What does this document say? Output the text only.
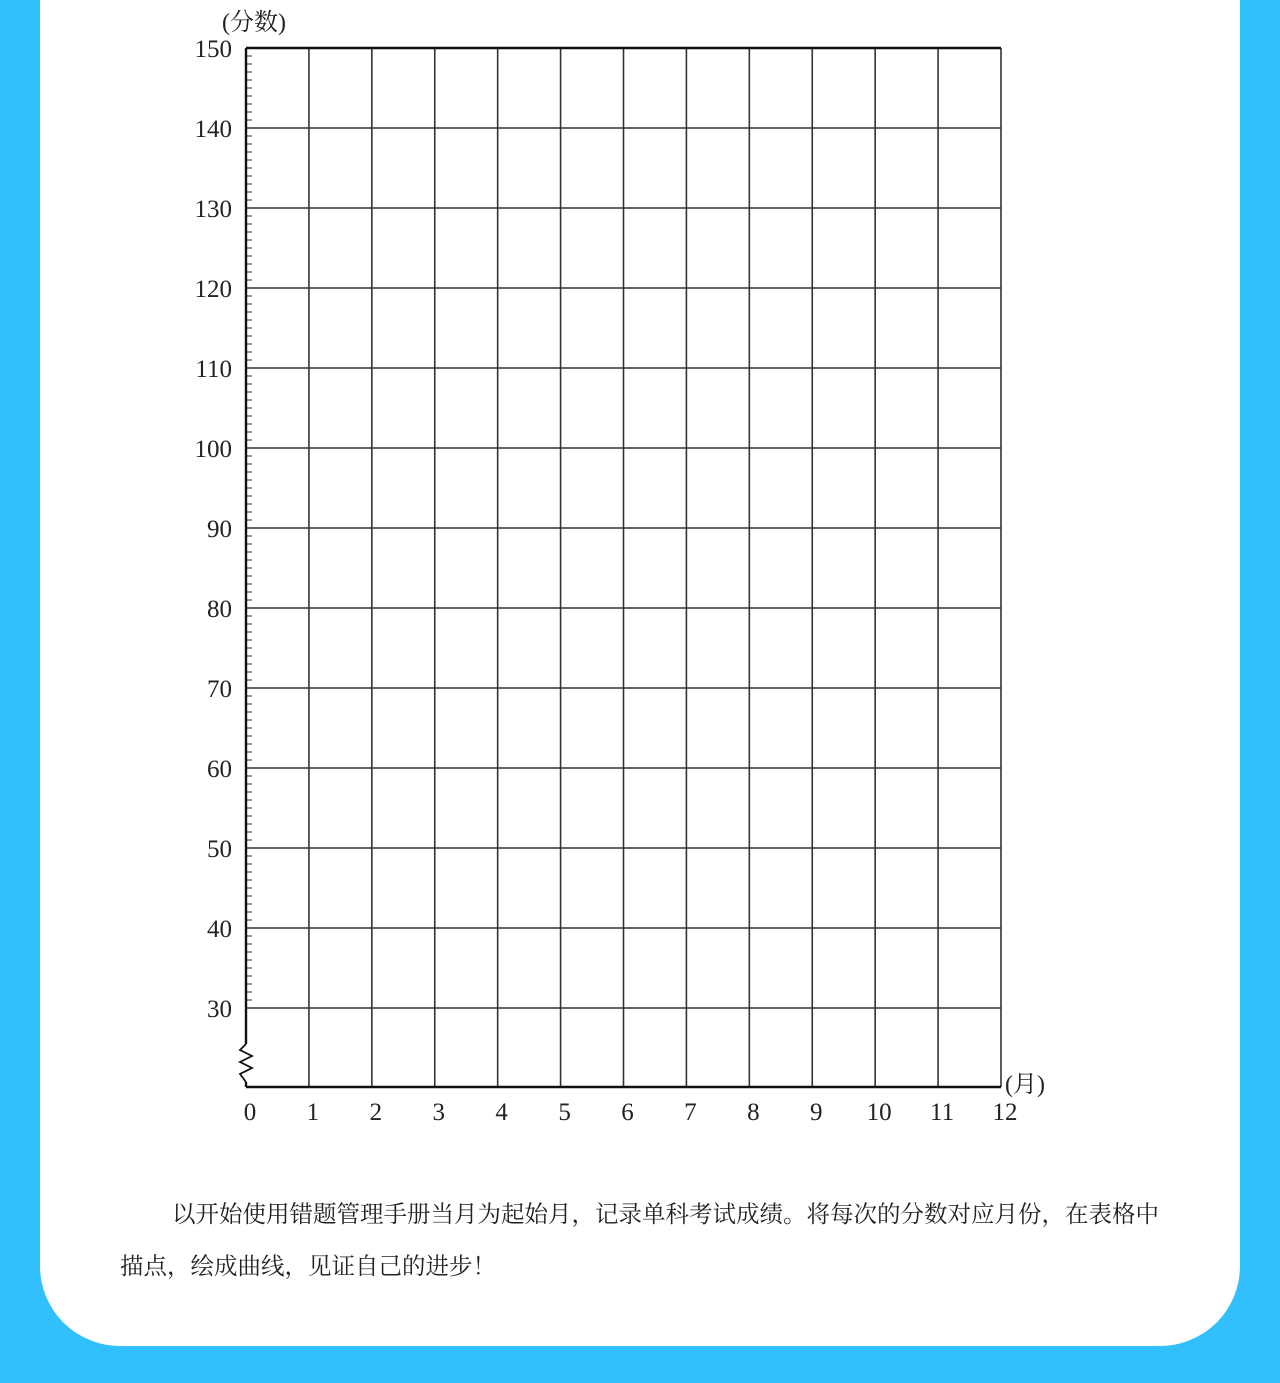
30
40
50
60
70
80
90
100
110
120
130
140
150
0 1 2 3 4 5 6 7 8 9 10 11 12
(分数)
(月)

以开始使用错题管理手册当月为起始月，记录单科考试成绩。将每次的分数对应月份，在表格中描点，绘成曲线，见证自己的进步！
